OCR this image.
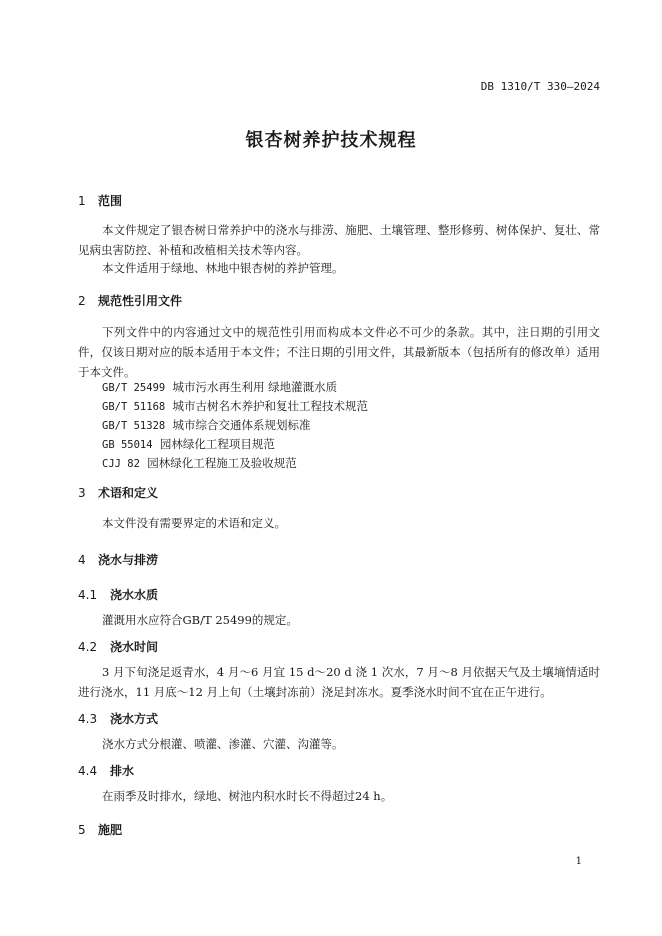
DB 1310/T 330—2024
银杏树养护技术规程
1 范围
本文件规定了银杏树日常养护中的浇水与排涝、施肥、土壤管理、整形修剪、树体保护、复壮、常见病虫害防控、补植和改植相关技术等内容。
本文件适用于绿地、林地中银杏树的养护管理。
2 规范性引用文件
下列文件中的内容通过文中的规范性引用而构成本文件必不可少的条款。其中，注日期的引用文件，仅该日期对应的版本适用于本文件；不注日期的引用文件，其最新版本（包括所有的修改单）适用于本文件。
GB/T 25499 城市污水再生利用 绿地灌溉水质
GB/T 51168 城市古树名木养护和复壮工程技术规范
GB/T 51328 城市综合交通体系规划标准
GB 55014 园林绿化工程项目规范
CJJ 82 园林绿化工程施工及验收规范
3 术语和定义
本文件没有需要界定的术语和定义。
4 浇水与排涝
4.1 浇水水质
灌溉用水应符合GB/T 25499的规定。
4.2 浇水时间
3 月下旬浇足返青水，4 月～6 月宜 15 d～20 d 浇 1 次水，7 月～8 月依据天气及土壤墒情适时进行浇水，11 月底～12 月上旬（土壤封冻前）浇足封冻水。夏季浇水时间不宜在正午进行。
4.3 浇水方式
浇水方式分根灌、喷灌、渗灌、穴灌、沟灌等。
4.4 排水
在雨季及时排水，绿地、树池内积水时长不得超过24 h。
5 施肥
1
